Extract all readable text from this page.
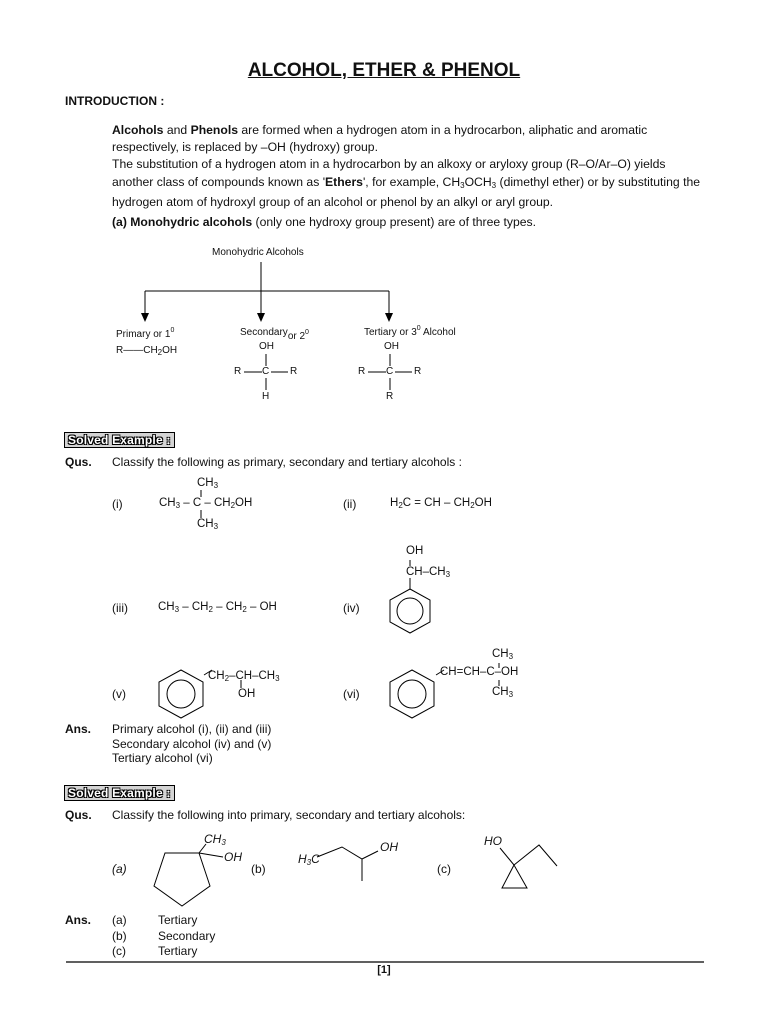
ALCOHOL, ETHER & PHENOL
INTRODUCTION :
Alcohols and Phenols are formed when a hydrogen atom in a hydrocarbon, aliphatic and aromatic respectively, is replaced by –OH (hydroxy) group.
The substitution of a hydrogen atom in a hydrocarbon by an alkoxy or aryloxy group (R–O/Ar–O) yields another class of compounds known as 'Ethers', for example, $CH_3OCH_3$ (dimethyl ether) or by substituting the hydrogen atom of hydroxyl group of an alcohol or phenol by an alkyl or aryl group.
(a) Monohydric alcohols (only one hydroxy group present) are of three types.
Monohydric Alcohols
Primary or $1^0$	Secondaryor $2^0$	Tertiary or $3^0$ Alcohol
$R——CH_2OH$	OH
R C R
H
OH
R C R
R
Solved Example :
Qus. Classify the following as primary, secondary and tertiary alcohols :
(i)
$CH_3$
$CH_3$ – C – $CH_2OH$
$CH_3$
(ii)	$H_2C$ = CH – $CH_2OH$
(iii)	$CH_3 - CH_2 - CH_2$ – OH	(iv)
OH
$CH-CH_3$
(v)
$CH_2-CH-CH_3$
OH	(vi)
$CH_3$
CH=CH–C–OH
$CH_3$
Ans. Primary alcohol (i), (ii) and (iii)
Secondary alcohol (iv) and (v)
Tertiary alcohol (vi)
Solved Example :
Qus. Classify the following into primary, secondary and tertiary alcohols:
(a)
$CH_3$
OH
(b)
$H_3C$
OH
(c)
HO
Ans. (a)	Tertiary
(b)	Secondary
(c)	Tertiary
[1]
